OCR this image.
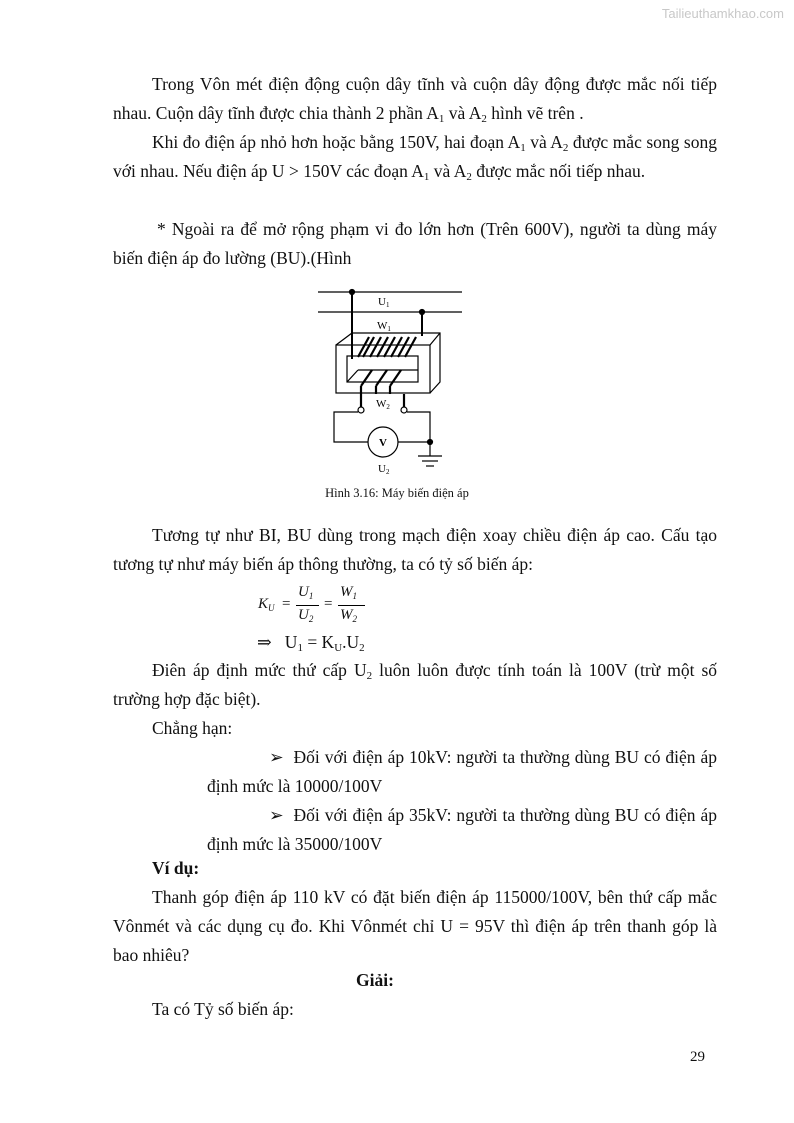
Tailieuthamkhao.com
Trong Vôn mét điện động cuộn dây tĩnh và cuộn dây động được mắc nối tiếp nhau. Cuộn dây tĩnh được chia thành 2 phần $A_1$ và $A_2$ hình vẽ trên .
Khi đo điện áp nhỏ hơn hoặc bằng 150V, hai đoạn $A_1$ và $A_2$ được mắc song song với nhau. Nếu điện áp U > 150V các đoạn $A_1$ và $A_2$ được mắc nối tiếp nhau.
* Ngoài ra để mở rộng phạm vi đo lớn hơn (Trên 600V), người ta dùng máy biến điện áp đo lường (BU).(Hình
U1
W1
W2
V
U2
Hình 3.16: Máy biến điện áp
Tương tự như BI, BU dùng trong mạch điện xoay chiều điện áp cao. Cấu tạo tương tự như máy biến áp thông thường, ta có tỷ số biến áp:
$K_U$ =
$U_1$
$U_2$
=
$W_1$
$W_2$
⇒ $U_1 = K_U.U_2$
Điên áp định mức thứ cấp $U_2$ luôn luôn được tính toán là 100V (trừ một số trường hợp đặc biệt).
Chẳng hạn:
➢ Đối với điện áp 10kV: người ta thường dùng BU có điện áp định mức là 10000/100V
➢ Đối với điện áp 35kV: người ta thường dùng BU có điện áp định mức là 35000/100V
Ví dụ:
Thanh góp điện áp 110 kV có đặt biến điện áp 115000/100V, bên thứ cấp mắc Vônmét và các dụng cụ đo. Khi Vônmét chỉ U = 95V thì điện áp trên thanh góp là bao nhiêu?
Giải:
Ta có Tỷ số biến áp:
29
